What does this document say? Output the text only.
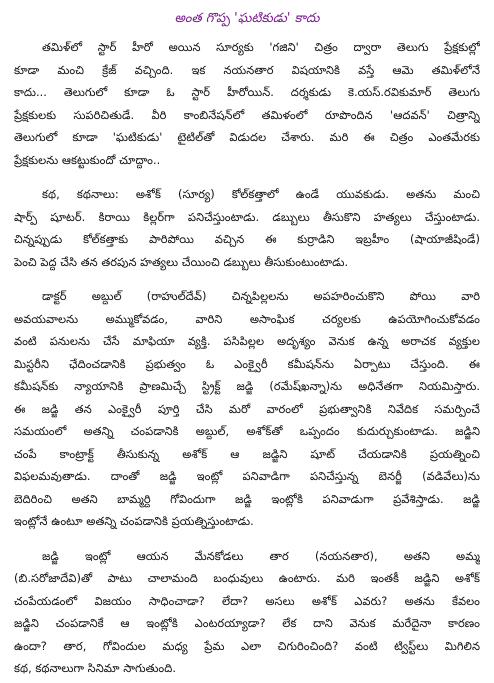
అంత గొప్ప 'ఘటికుడు' కాదు
తమిళ్‌లో స్టార్ హీరో అయిన సూర్యకు 'గజిని' చిత్రం ద్వారా తెలుగు ప్రేక్షకుల్లో
కూడా మంచి క్రేజ్ వచ్చింది. ఇక నయనతార విషయానికి వస్తే ఆమె తమిళ్‌లోనే
కాదు... తెలుగులో కూడా ఓ స్టార్ హీరోయిన్. దర్శకుడు కె.యస్.రవికుమార్ తెలుగు
ప్రేక్షకులకు సుపరిచితుడే. వీరి కాంబినేషన్‌లో తమిళంలో రూపొందిన 'ఆదవన్' చిత్రాన్ని
తెలుగులో కూడా 'ఘటికుడు' టైటిల్‌తో విడుదల చేశారు. మరి ఈ చిత్రం ఎంతమేరకు
ప్రేక్షకులను ఆకట్టుకుందో చూద్దాం..
కథ, కథనాలు: అశోక్ (సూర్య) కోల్‌కత్తాలో ఉండే యువకుడు. అతను మంచి
షార్ప్ షూటర్. కిరాయి కిల్లర్‌గా పనిచేస్తుంటాడు. డబ్బులు తీసుకొని హత్యలు చేస్తుంటాడు.
చిన్నప్పుడు కోల్‌కత్తాకు పారిపోయి వచ్చిన ఈ కుర్రాడిని ఇబ్రహీం (షాయాజీషిండే)
పెంచి పెద్ద చేసి తన తరపున హత్యలు చేయించి డబ్బులు తీసుకుంటుంటాడు.
డాక్టర్ అబ్దుల్ (రాహుల్‌దేవ్) చిన్నపిల్లలను అపహరించుకొని పోయి వారి
అవయవాలను అమ్ముకోవడం, వారిని అసాంఘిక చర్యలకు ఉపయోగించుకోవడం
వంటి పనులను చేసే మాఫియా వ్యక్తి. పసిపిల్లల అదృశ్యం వెనుక ఉన్న అరాచక వ్యక్తుల
మిస్టరీని ఛేదించడానికి ప్రభుత్వం ఓ ఎంక్వైరీ కమీషన్‌ను ఏర్పాటు చేస్తుంది. ఈ
కమీషన్‌కు న్యాయానికి ప్రాణమిచ్చే స్ట్రిక్ట్ జడ్జి (రమేష్‌ఖన్నా)ను అధినేతగా నియమిస్తారు.
ఈ జడ్జి తన ఎంక్వైరీ పూర్తి చేసి మరో వారంలో ప్రభుత్వానికి నివేదిక సమర్పించే
సమయంలో అతన్ని చంపడానికి అబ్దుల్, అశోక్‌తో ఒప్పందం కుదుర్చుకుంటాడు. జడ్జిని
చంపే కాంట్రాక్ట్ తీసుకున్న అశోక్ ఆ జడ్జిని షూట్ చేయడానికి ప్రయత్నించి
విఫలమవుతాడు. దాంతో జడ్జి ఇంట్లో పనివాడిగా పనిచేస్తున్న బెనర్జీ (వడివేలు)ను
బెదిరించి అతని బామ్మర్ది గోవిందుగా జడ్జి ఇంట్లోకి పనివాడుగా ప్రవేశిస్తాడు. జడ్జి
ఇంట్లోనే ఉంటూ అతన్ని చంపడానికి ప్రయత్నిస్తుంటాడు.
జడ్జి ఇంట్లో ఆయన మేనకోడలు తార (నయనతార), అతని అమ్మ
(బి.సరోజాదేవి)తో పాటు చాలామంది బంధువులు ఉంటారు. మరి ఇంతకీ జడ్జిని అశోక్
చంపేయడంలో విజయం సాధించాడా? లేదా? అసలు అశోక్ ఎవరు? అతను కేవలం
జడ్జిని చంపడానికే ఆ ఇంట్లోకి ఎంటరయ్యాడా? లేక దాని వెనుక మరేదైనా కారణం
ఉందా? తార, గోవిందుల మధ్య ప్రేమ ఎలా చిగురించింది? వంటి ట్విస్ట్‌లు మిగిలిన
కథ, కథనాలుగా సినిమా సాగుతుంది.
